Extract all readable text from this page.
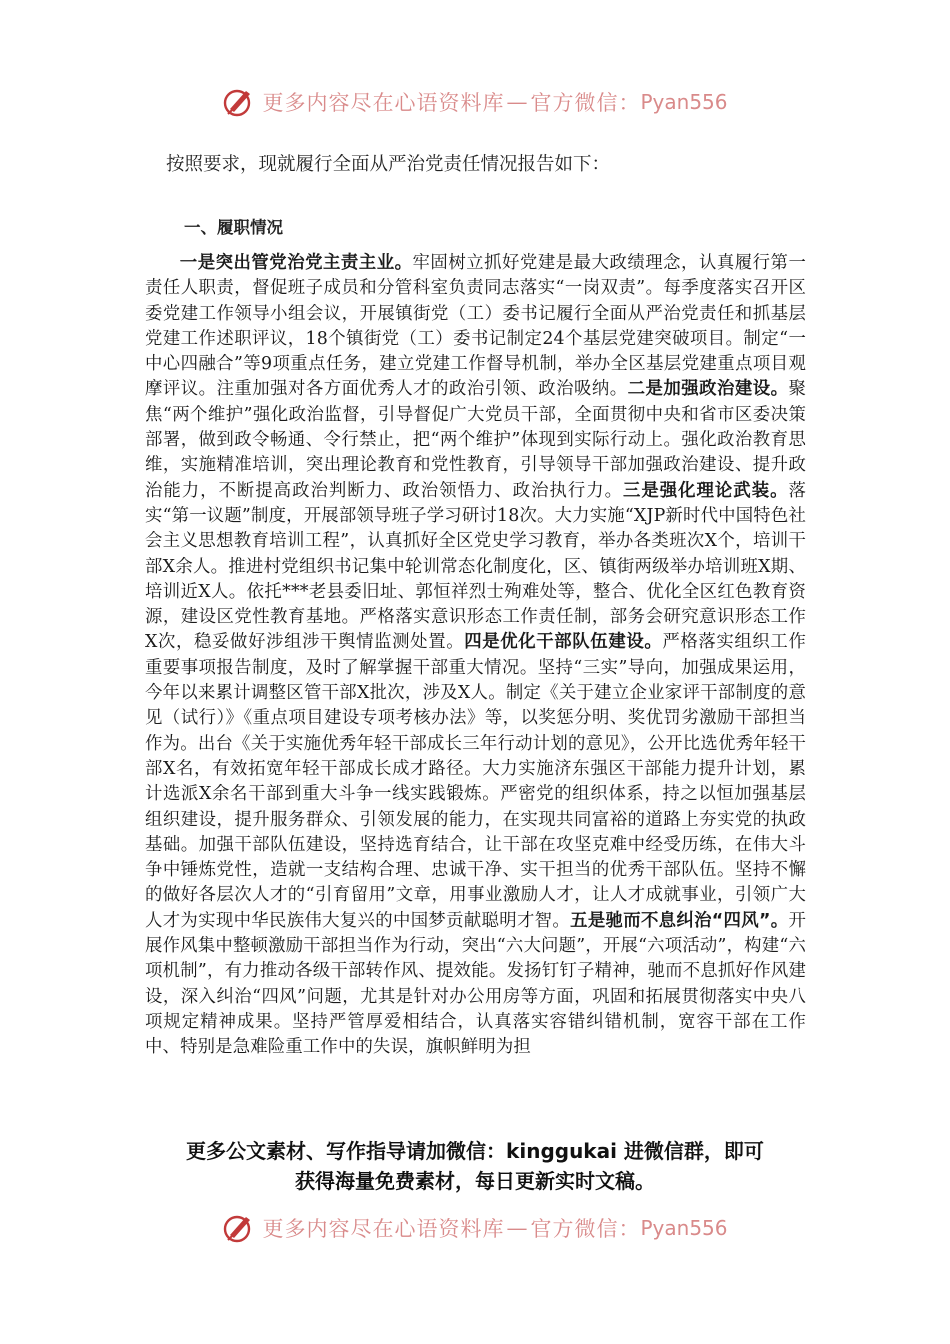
更多内容尽在心语资料库 — 官方微信： Pyan556
按照要求，现就履行全面从严治党责任情况报告如下：
一、履职情况

一是突出管党治党主责主业。牢固树立抓好党建是最大政绩理念，认真履行第一责任人职责，督促班子成员和分管科室负责同志落实“一岗双责”。每季度落实召开区委党建工作领导小组会议，开展镇街党（工）委书记履行全面从严治党责任和抓基层党建工作述职评议，18个镇街党（工）委书记制定24个基层党建突破项目。制定“一中心四融合”等9项重点任务，建立党建工作督导机制，举办全区基层党建重点项目观摩评议。注重加强对各方面优秀人才的政治引领、政治吸纳。二是加强政治建设。聚焦“两个维护”强化政治监督，引导督促广大党员干部，全面贯彻中央和省市区委决策部署，做到政令畅通、令行禁止，把“两个维护”体现到实际行动上。强化政治教育思维，实施精准培训，突出理论教育和党性教育，引导领导干部加强政治建设、提升政治能力，不断提高政治判断力、政治领悟力、政治执行力。三是强化理论武装。落实“第一议题”制度，开展部领导班子学习研讨18次。大力实施“XJP新时代中国特色社会主义思想教育培训工程”，认真抓好全区党史学习教育，举办各类班次X个，培训干部X余人。推进村党组织书记集中轮训常态化制度化，区、镇街两级举办培训班X期、培训近X人。依托***老县委旧址、郭恒祥烈士殉难处等，整合、优化全区红色教育资源，建设区党性教育基地。严格落实意识形态工作责任制，部务会研究意识形态工作X次，稳妥做好涉组涉干舆情监测处置。四是优化干部队伍建设。严格落实组织工作重要事项报告制度，及时了解掌握干部重大情况。坚持“三实”导向，加强成果运用，今年以来累计调整区管干部X批次，涉及X人。制定《关于建立企业家评干部制度的意见（试行）》《重点项目建设专项考核办法》等，以奖惩分明、奖优罚劣激励干部担当作为。出台《关于实施优秀年轻干部成长三年行动计划的意见》，公开比选优秀年轻干部X名，有效拓宽年轻干部成长成才路径。大力实施济东强区干部能力提升计划，累计选派X余名干部到重大斗争一线实践锻炼。严密党的组织体系，持之以恒加强基层组织建设，提升服务群众、引领发展的能力，在实现共同富裕的道路上夯实党的执政基础。加强干部队伍建设，坚持选育结合，让干部在攻坚克难中经受历练，在伟大斗争中锤炼党性，造就一支结构合理、忠诚干净、实干担当的优秀干部队伍。坚持不懈的做好各层次人才的“引育留用”文章，用事业激励人才，让人才成就事业，引领广大人才为实现中华民族伟大复兴的中国梦贡献聪明才智。五是驰而不息纠治“四风”。开展作风集中整顿激励干部担当作为行动，突出“六大问题”，开展“六项活动”，构建“六项机制”，有力推动各级干部转作风、提效能。发扬钉钉子精神，驰而不息抓好作风建设，深入纠治“四风”问题，尤其是针对办公用房等方面，巩固和拓展贯彻落实中央八项规定精神成果。坚持严管厚爱相结合，认真落实容错纠错机制，宽容干部在工作中、特别是急难险重工作中的失误，旗帜鲜明为担

更多公文素材、写作指导请加微信：kinggukai 进微信群，即可
获得海量免费素材，每日更新实时文稿。
更多内容尽在心语资料库 — 官方微信： Pyan556
